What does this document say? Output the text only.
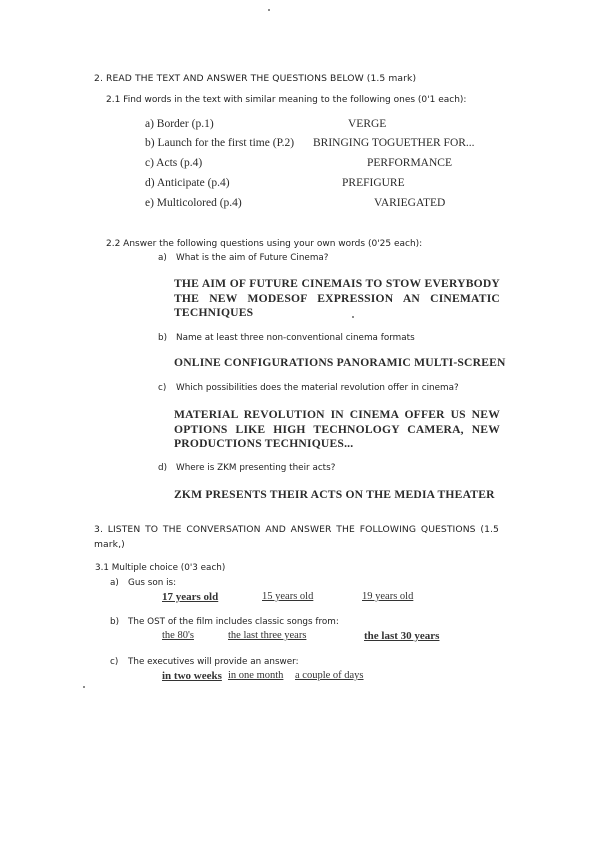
2. READ THE TEXT AND ANSWER THE QUESTIONS BELOW (1.5 mark)
2.1 Find words in the text with similar meaning to the following ones (0'1 each):
a) Border (p.1)	VERGE
b) Launch for the first time (P.2) BRINGING TOGUETHER FOR...
c) Acts (p.4)	PERFORMANCE
d) Anticipate (p.4)	PREFIGURE
e) Multicolored (p.4)	VARIEGATED
2.2 Answer the following questions using your own words (0'25 each):
a) What is the aim of Future Cinema?
THE AIM OF FUTURE CINEMAIS TO STOW EVERYBODY THE NEW MODESOF EXPRESSION AN CINEMATIC TECHNIQUES
b) Name at least three non-conventional cinema formats
ONLINE CONFIGURATIONS PANORAMIC MULTI-SCREEN
c) Which possibilities does the material revolution offer in cinema?
MATERIAL REVOLUTION IN CINEMA OFFER US NEW OPTIONS LIKE HIGH TECHNOLOGY CAMERA, NEW PRODUCTIONS TECHNIQUES...
d) Where is ZKM presenting their acts?
ZKM PRESENTS THEIR ACTS ON THE MEDIA THEATER
3. LISTEN TO THE CONVERSATION AND ANSWER THE FOLLOWING QUESTIONS (1.5 mark,)
3.1 Multiple choice (0'3 each)
a) Gus son is:
17 years old	15 years old	19 years old
b) The OST of the film includes classic songs from:
the 80's	the last three years	the last 30 years
c) The executives will provide an answer:
in two weeks in one month a couple of days
